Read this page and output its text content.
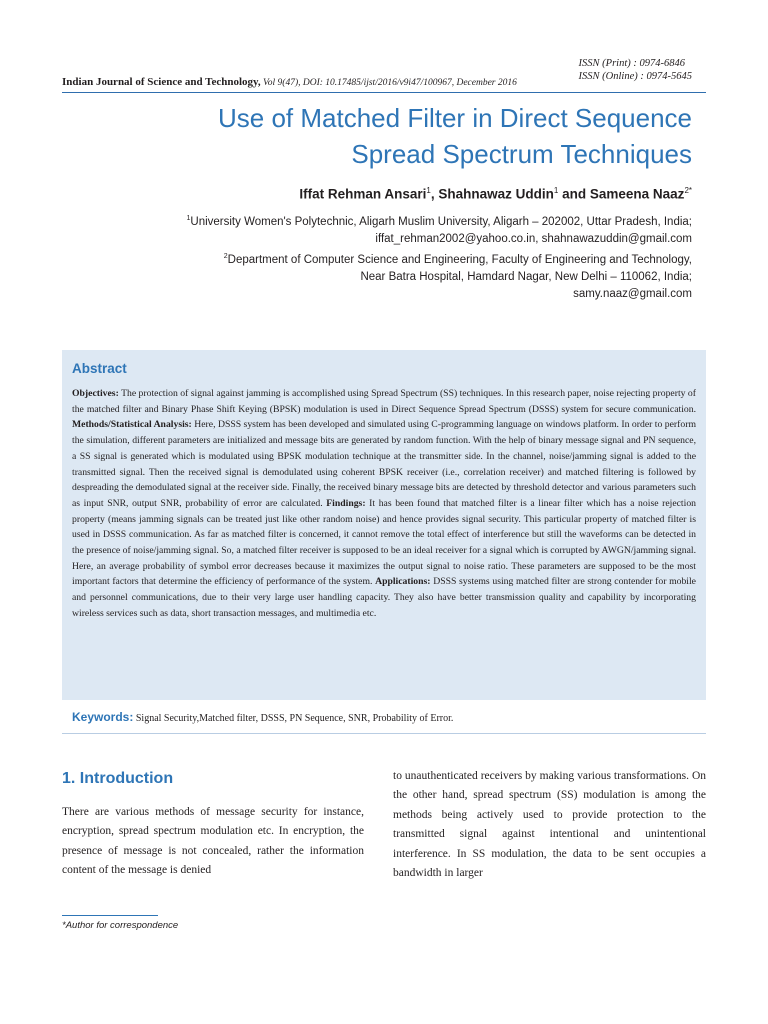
ISSN (Print) : 0974-6846
ISSN (Online) : 0974-5645
Indian Journal of Science and Technology, Vol 9(47), DOI: 10.17485/ijst/2016/v9i47/100967, December 2016
Use of Matched Filter in Direct Sequence
Spread Spectrum Techniques
Iffat Rehman Ansari$^1$, Shahnawaz Uddin$^1$ and Sameena Naaz$^{2*}$
$^1$University Women's Polytechnic, Aligarh Muslim University, Aligarh – 202002, Uttar Pradesh, India;
iffat_rehman2002@yahoo.co.in, shahnawazuddin@gmail.com
$^2$Department of Computer Science and Engineering, Faculty of Engineering and Technology,
Near Batra Hospital, Hamdard Nagar, New Delhi – 110062, India;
samy.naaz@gmail.com
Abstract
Objectives: The protection of signal against jamming is accomplished using Spread Spectrum (SS) techniques. In this research paper, noise rejecting property of the matched filter and Binary Phase Shift Keying (BPSK) modulation is used in Direct Sequence Spread Spectrum (DSSS) system for secure communication. Methods/Statistical Analysis: Here, DSSS system has been developed and simulated using C-programming language on windows platform. In order to perform the simulation, different parameters are initialized and message bits are generated by random function. With the help of binary message signal and PN sequence, a SS signal is generated which is modulated using BPSK modulation technique at the transmitter side. In the channel, noise/jamming signal is added to the transmitted signal. Then the received signal is demodulated using coherent BPSK receiver (i.e., correlation receiver) and matched filtering is followed by despreading the demodulated signal at the receiver side. Finally, the received binary message bits are detected by threshold detector and various parameters such as input SNR, output SNR, probability of error are calculated. Findings: It has been found that matched filter is a linear filter which has a noise rejection property (means jamming signals can be treated just like other random noise) and hence provides signal security. This particular property of matched filter is used in DSSS communication. As far as matched filter is concerned, it cannot remove the total effect of interference but still the waveforms can be detected in the presence of noise/jamming signal. So, a matched filter receiver is supposed to be an ideal receiver for a signal which is corrupted by AWGN/jamming signal. Here, an average probability of symbol error decreases because it maximizes the output signal to noise ratio. These parameters are supposed to be the most important factors that determine the efficiency of performance of the system. Applications: DSSS systems using matched filter are strong contender for mobile and personnel communications, due to their very large user handling capacity. They also have better transmission quality and capability by incorporating wireless services such as data, short transaction messages, and multimedia etc.
Keywords: Signal Security,Matched filter, DSSS, PN Sequence, SNR, Probability of Error.
1. Introduction
There are various methods of message security for instance, encryption, spread spectrum modulation etc. In encryption, the presence of message is not concealed, rather the information content of the message is denied
to unauthenticated receivers by making various transformations. On the other hand, spread spectrum (SS) modulation is among the methods being actively used to provide protection to the transmitted signal against intentional and unintentional interference. In SS modulation, the data to be sent occupies a bandwidth in larger
*Author for correspondence
